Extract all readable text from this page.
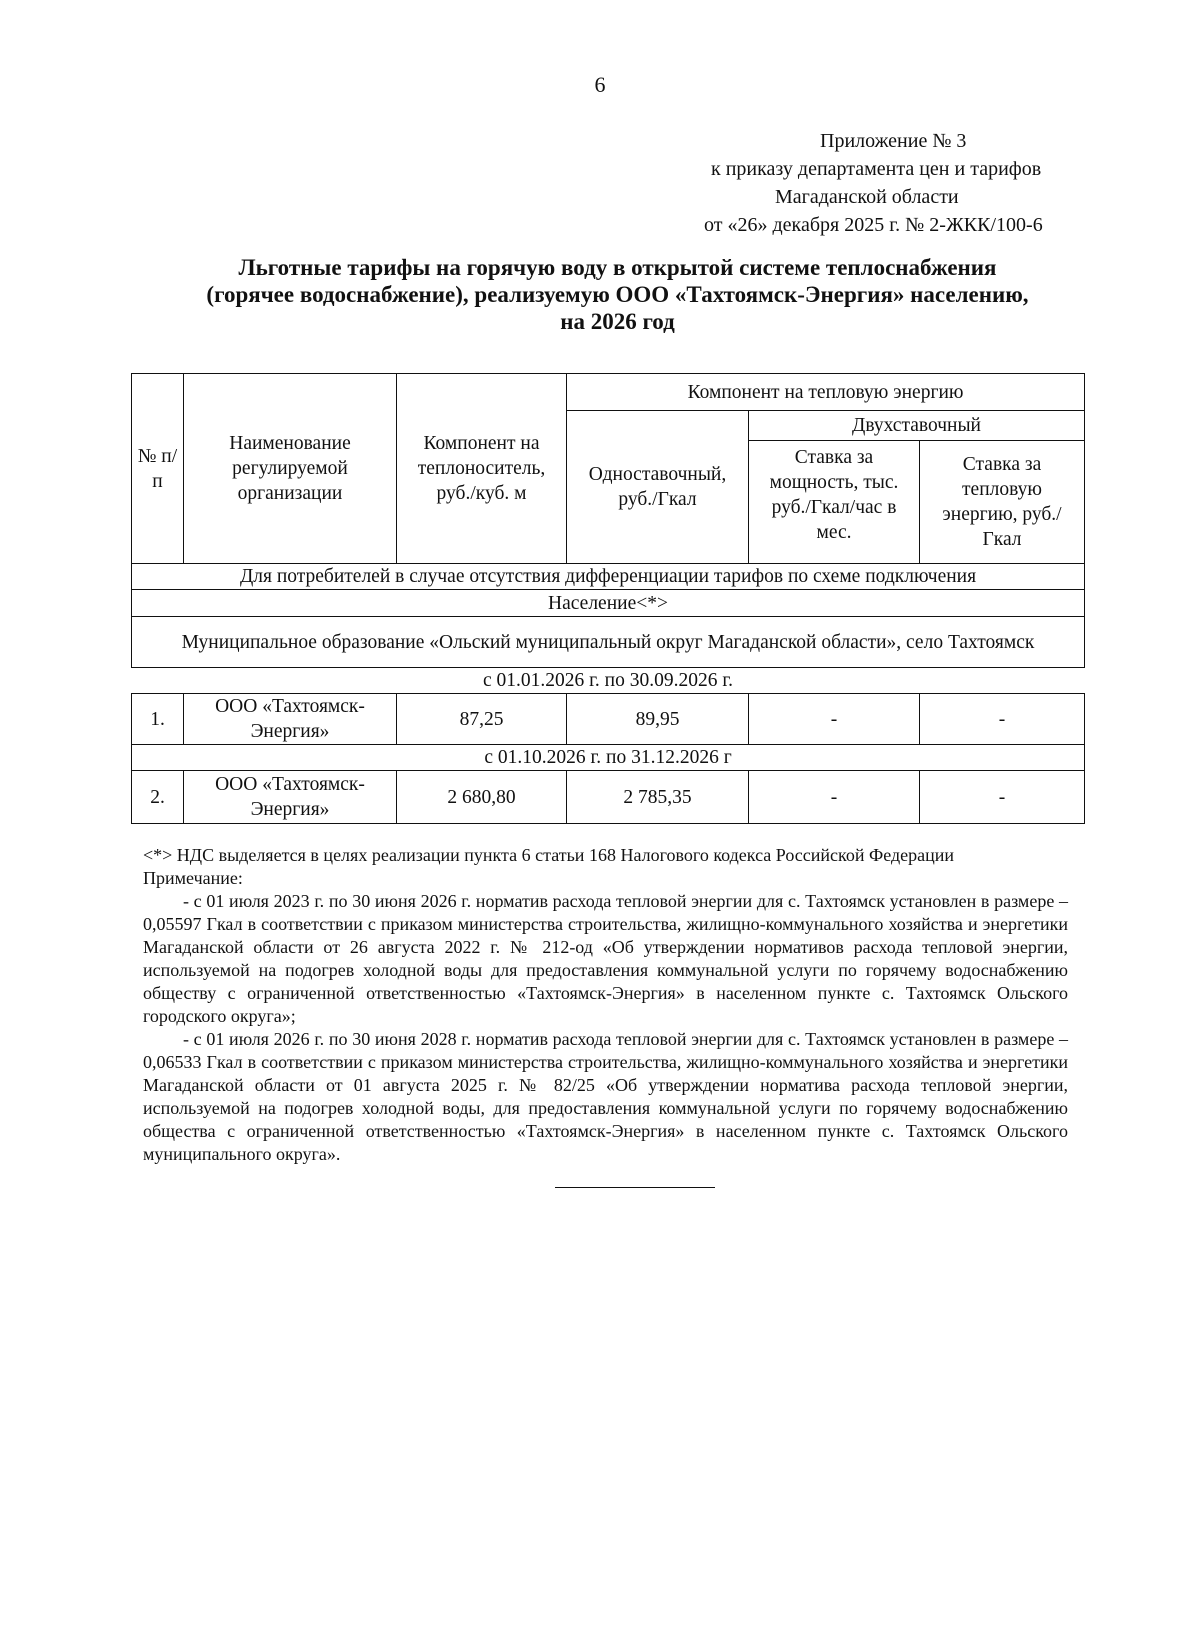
6
Приложение № 3
к приказу департамента цен и тарифов
Магаданской области
от «26» декабря 2025 г. № 2-ЖКК/100-6
Льготные тарифы на горячую воду в открытой системе теплоснабжения
(горячее водоснабжение), реализуемую ООО «Тахтоямск-Энергия» населению,
на 2026 год
№ п/п	Наименование регулируемой организации	Компонент на теплоноситель, руб./куб. м	Компонент на тепловую энергию		
			Одноставочный, руб./Гкал	Двухставочный	
				Ставка за мощность, тыс. руб./Гкал/час в мес.	Ставка за тепловую энергию, руб./Гкал
Для потребителей в случае отсутствия дифференциации тарифов по схеме подключения					
Население<*>					
Муниципальное образование «Ольский муниципальный округ Магаданской области», село Тахтоямск					
с 01.01.2026 г. по 30.09.2026 г.					
1.	ООО «Тахтоямск-Энергия»	87,25	89,95	-	-
с 01.10.2026 г. по 31.12.2026 г					
2.	ООО «Тахтоямск-Энергия»	2 680,80	2 785,35	-	-

<*> НДС выделяется в целях реализации пункта 6 статьи 168 Налогового кодекса Российской Федерации

Примечание:

- с 01 июля 2023 г. по 30 июня 2026 г. норматив расхода тепловой энергии для с. Тахтоямск установлен в размере – 0,05597 Гкал в соответствии с приказом министерства строительства, жилищно-коммунального хозяйства и энергетики Магаданской области от 26 августа 2022 г. № 212-од «Об утверждении нормативов расхода тепловой энергии, используемой на подогрев холодной воды для предоставления коммунальной услуги по горячему водоснабжению обществу с ограниченной ответственностью «Тахтоямск-Энергия» в населенном пункте с. Тахтоямск Ольского городского округа»;

- с 01 июля 2026 г. по 30 июня 2028 г. норматив расхода тепловой энергии для с. Тахтоямск установлен в размере – 0,06533 Гкал в соответствии с приказом министерства строительства, жилищно-коммунального хозяйства и энергетики Магаданской области от 01 августа 2025 г. № 82/25 «Об утверждении норматива расхода тепловой энергии, используемой на подогрев холодной воды, для предоставления коммунальной услуги по горячему водоснабжению общества с ограниченной ответственностью «Тахтоямск-Энергия» в населенном пункте с. Тахтоямск Ольского муниципального округа».
